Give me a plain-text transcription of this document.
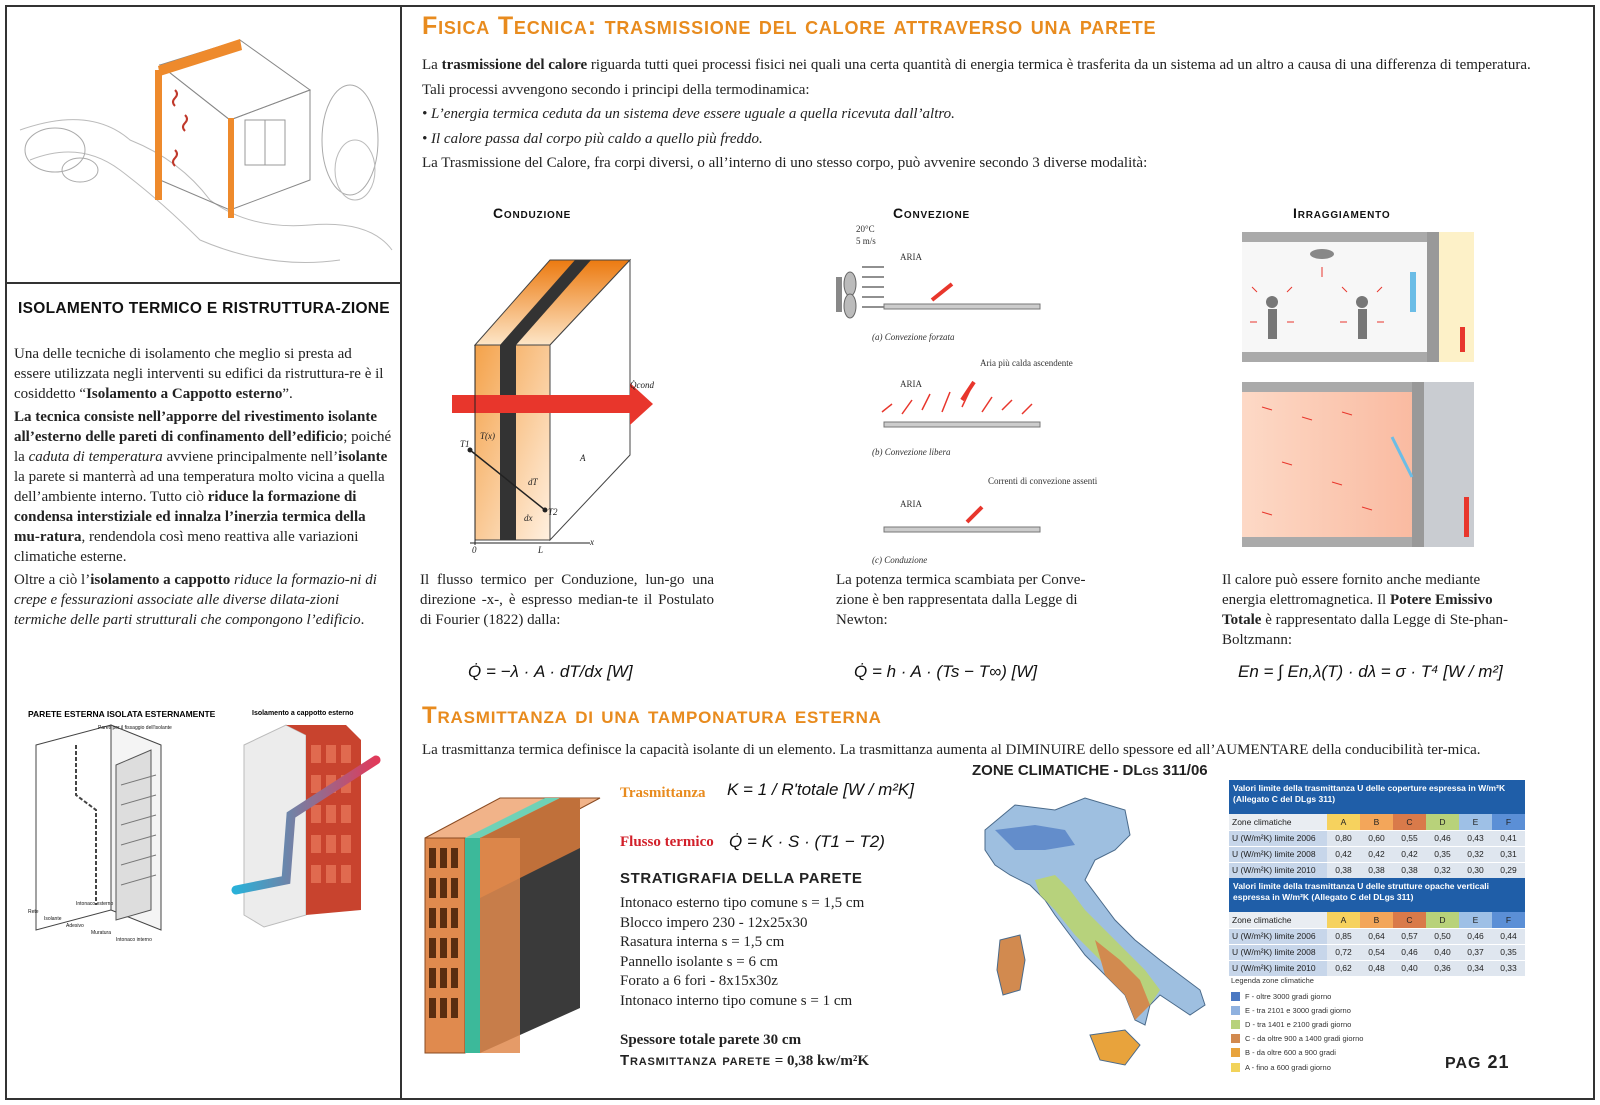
ISOLAMENTO TERMICO E RISTRUTTURA-ZIONE

Una delle tecniche di isolamento che meglio si presta ad essere utilizzata negli interventi su edifici da ristruttura-re è il cosiddetto “Isolamento a Cappotto esterno”.

La tecnica consiste nell’apporre del rivestimento isolante all’esterno delle pareti di confinamento dell’edificio; poiché la caduta di temperatura avviene principalmente nell’isolante la parete si manterrà ad una temperatura molto vicina a quella dell’ambiente interno. Tutto ciò riduce la formazione di condensa interstiziale ed innalza l’inerzia termica della mu-ratura, rendendola così meno reattiva alle variazioni climatiche esterne.

Oltre a ciò l’isolamento a cappotto riduce la formazio-ni di crepe e fessurazioni associate alle diverse dilata-zioni termiche delle parti strutturali che compongono l’edificio.

PARETE ESTERNA ISOLATA ESTERNAMENTE
Pareti per il fissaggio dell'isolante
Intonaco esterno
Rete
Isolante
Adesivo
Muratura
Intonaco interno
Isolamento a cappotto esterno
Fisica Tecnica: trasmissione del calore attraverso una parete
La trasmissione del calore riguarda tutti quei processi fisici nei quali una certa quantità di energia termica è trasferita da un sistema ad un altro a causa di una differenza di temperatura.
Tali processi avvengono secondo i principi della termodinamica:
• L’energia termica ceduta da un sistema deve essere uguale a quella ricevuta dall’altro.
• Il calore passa dal corpo più caldo a quello più freddo.
La Trasmissione del Calore, fra corpi diversi, o all’interno di uno stesso corpo, può avvenire secondo 3 diverse modalità:
Conduzione	Convezione	Irraggiamento
Q̇cond
T(x)
T1
T2
dT
dx
A
0	L
x
20°C
5 m/s
ARIA
(a) Convezione forzata
ARIA
Aria più calda ascendente
(b) Convezione libera
ARIA
Correnti di convezione assenti
(c) Conduzione
Il flusso termico per Conduzione, lun-go una direzione -x-, è espresso median-te il Postulato di Fourier (1822) dalla:
La potenza termica scambiata per Conve-zione è ben rappresentata dalla Legge di Newton:
Il calore può essere fornito anche mediante energia elettromagnetica. Il Potere Emissivo Totale è rappresentato dalla Legge di Ste-phan-Boltzmann:
Q̇ = −λ · A · dT/dx [W]	Q̇ = h · A · (Ts − T∞) [W]	En = ∫ En,λ(T) · dλ = σ · T⁴ [W / m²]
Trasmittanza di una tamponatura esterna
La trasmittanza termica definisce la capacità isolante di un elemento. La trasmittanza aumenta al DIMINUIRE dello spessore ed all’AUMENTARE della conducibilità ter-mica.
Trasmittanza K = 1 / R'totale [W / m²K]
Flusso termico Q̇ = K · S · (T1 − T2)
STRATIGRAFIA DELLA PARETE
Intonaco esterno tipo comune s = 1,5 cm
Blocco impero 230 - 12x25x30
Rasatura interna s = 1,5 cm
Pannello isolante s = 6 cm
Forato a 6 fori - 8x15x30z
Intonaco interno tipo comune s = 1 cm
Spessore totale parete 30 cm
Trasmittanza parete = 0,38 kw/m²K
ZONE CLIMATICHE - DLgs 311/06
Valori limite della trasmittanza U delle coperture espressa in W/m²K (Allegato C del DLgs 311)
Zone climatiche	A	B	C	D	E	F
U (W/m²K) limite 2006	0,80	0,60	0,55	0,46	0,43	0,41
U (W/m²K) limite 2008	0,42	0,42	0,42	0,35	0,32	0,31
U (W/m²K) limite 2010	0,38	0,38	0,38	0,32	0,30	0,29
Valori limite della trasmittanza U delle strutture opache verticali espressa in W/m²K (Allegato C del DLgs 311)
Zone climatiche	A	B	C	D	E	F
U (W/m²K) limite 2006	0,85	0,64	0,57	0,50	0,46	0,44
U (W/m²K) limite 2008	0,72	0,54	0,46	0,40	0,37	0,35
U (W/m²K) limite 2010	0,62	0,48	0,40	0,36	0,34	0,33
Legenda zone climatiche
F - oltre 3000 gradi giorno
E - tra 2101 e 3000 gradi giorno
D - tra 1401 e 2100 gradi giorno
C - da oltre 900 a 1400 gradi giorno
B - da oltre 600 a 900 gradi
A - fino a 600 gradi giorno	PAG 21
